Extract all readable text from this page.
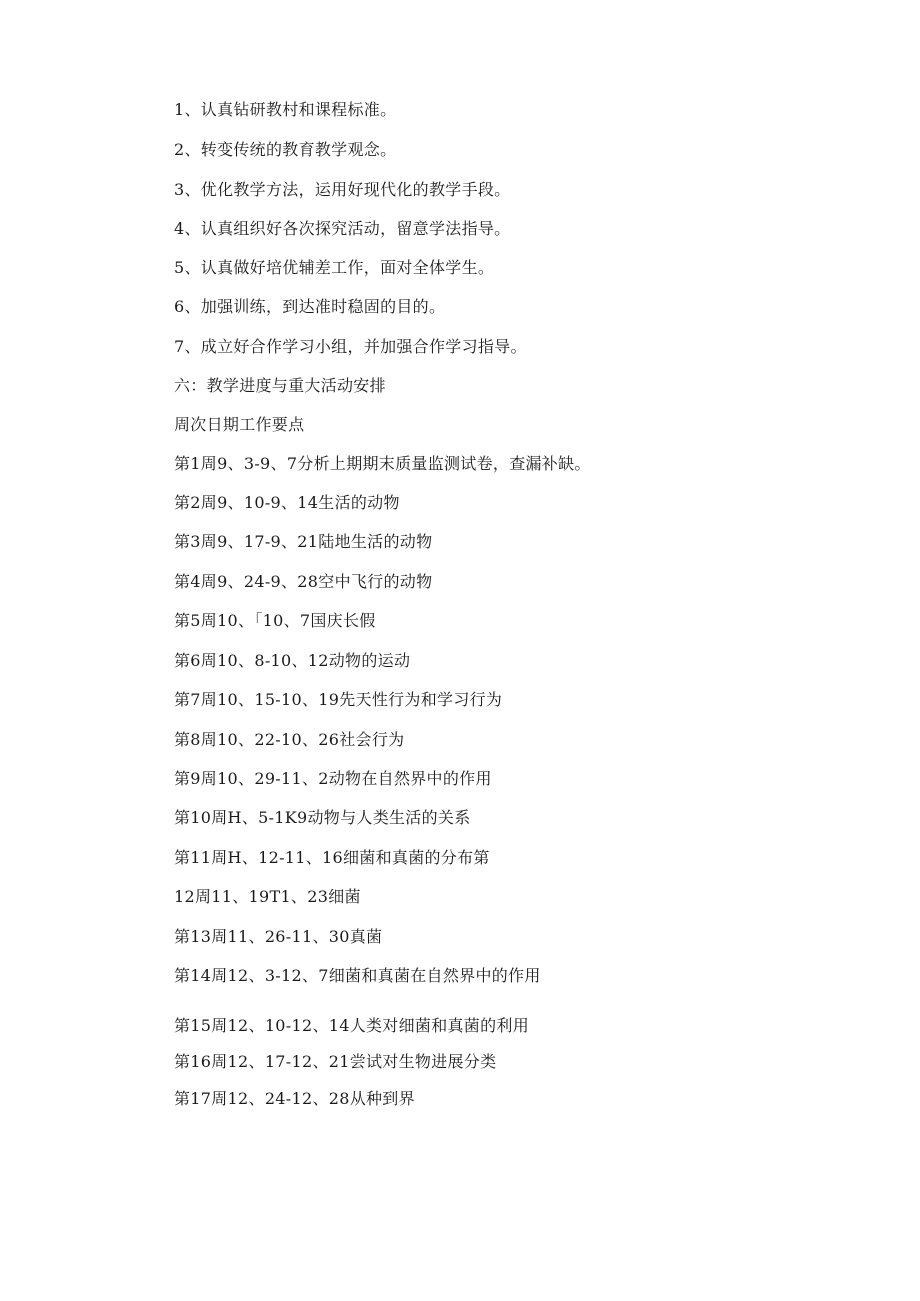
1、认真钻研教村和课程标准。
2、转变传统的教育教学观念。
3、优化教学方法，运用好现代化的教学手段。
4、认真组织好各次探究活动，留意学法指导。
5、认真做好培优辅差工作，面对全体学生。
6、加强训练，到达准时稳固的目的。
7、成立好合作学习小组，并加强合作学习指导。
六：教学进度与重大活动安排
周次日期工作要点
第1周9、3-9、7分析上期期末质量监测试卷，查漏补缺。
第2周9、10-9、14生活的动物
第3周9、17-9、21陆地生活的动物
第4周9、24-9、28空中飞行的动物
第5周10、「10、7国庆长假
第6周10、8-10、12动物的运动
第7周10、15-10、19先天性行为和学习行为
第8周10、22-10、26社会行为
第9周10、29-11、2动物在自然界中的作用
第10周H、5-1K9动物与人类生活的关系
第11周H、12-11、16细菌和真菌的分布第
12周11、19T1、23细菌
第13周11、26-11、30真菌
第14周12、3-12、7细菌和真菌在自然界中的作用
第15周12、10-12、14人类对细菌和真菌的利用
第16周12、17-12、21尝试对生物进展分类
第17周12、24-12、28从种到界
